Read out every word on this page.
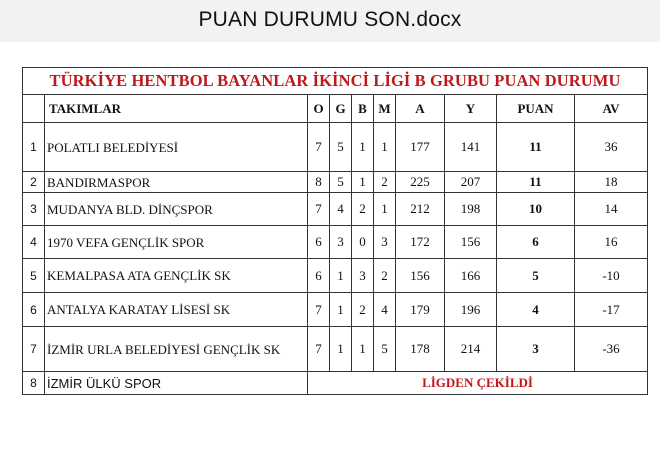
PUAN DURUMU SON.docx
TÜRKİYE HENTBOL BAYANLAR İKİNCİ LİGİ B GRUBU PUAN DURUMU									
	TAKIMLAR	O	G	B	M	A	Y	PUAN	AV
1	POLATLI BELEDİYESİ	7	5	1	1	177	141	11	36
2	BANDIRMASPOR	8	5	1	2	225	207	11	18
3	MUDANYA BLD. DİNÇSPOR	7	4	2	1	212	198	10	14
4	1970 VEFA GENÇLİK SPOR	6	3	0	3	172	156	6	16
5	KEMALPASA ATA GENÇLİK SK	6	1	3	2	156	166	5	-10
6	ANTALYA KARATAY LİSESİ SK	7	1	2	4	179	196	4	-17
7	İZMİR URLA BELEDİYESİ GENÇLİK SK	7	1	1	5	178	214	3	-36
8	İZMİR ÜLKÜ SPOR	LİGDEN ÇEKİLDİ							
